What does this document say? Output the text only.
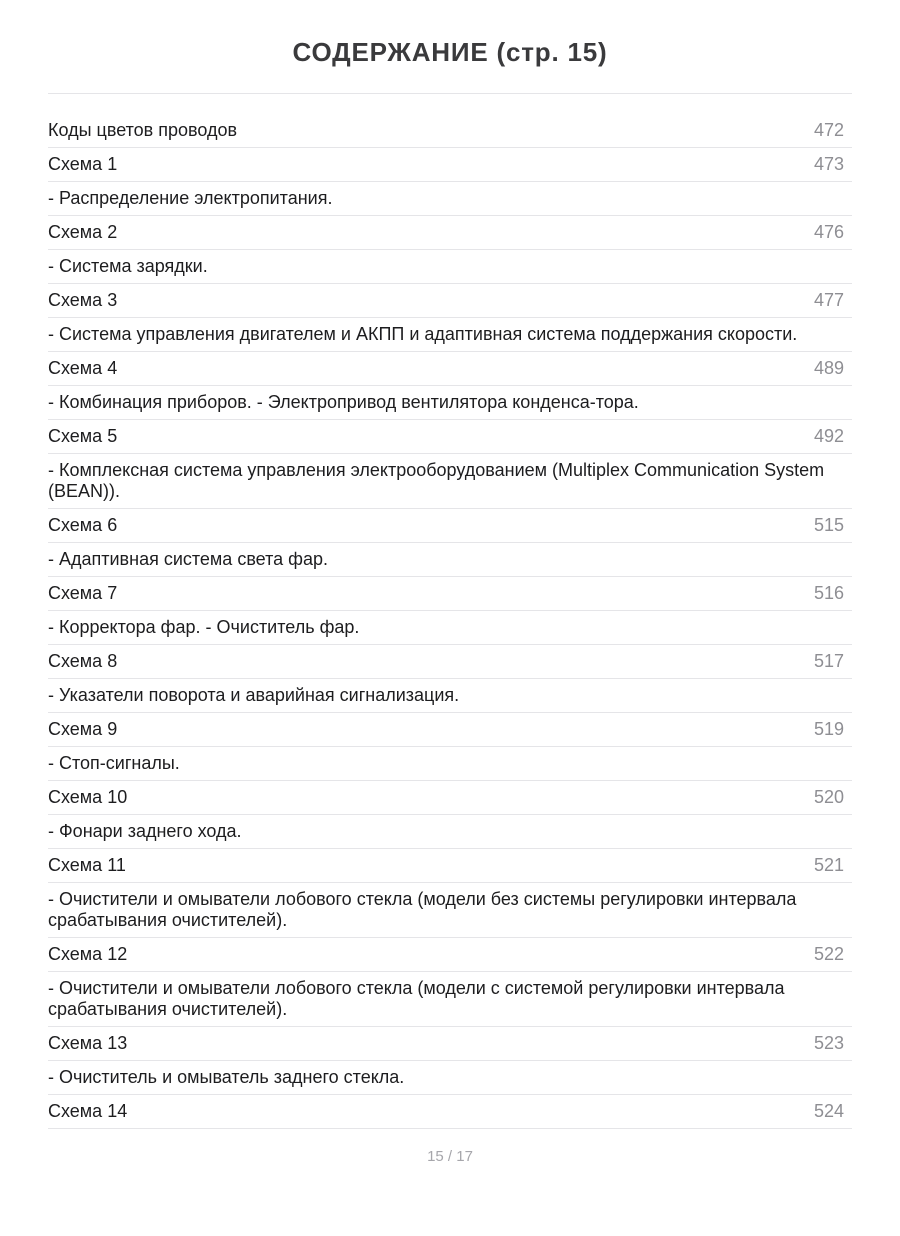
СОДЕРЖАНИЕ (стр. 15)
Коды цветов проводов	472
Схема 1	473
- Распределение электропитания.
Схема 2	476
- Система зарядки.
Схема 3	477
- Система управления двигателем и АКПП и адаптивная система поддержания скорости.
Схема 4	489
- Комбинация приборов. - Электропривод вентилятора конденса-тора.
Схема 5	492
- Комплексная система управления электрооборудованием (Multiplex Communication System (BEAN)).
Схема 6	515
- Адаптивная система света фар.
Схема 7	516
- Корректора фар. - Очиститель фар.
Схема 8	517
- Указатели поворота и аварийная сигнализация.
Схема 9	519
- Стоп-сигналы.
Схема 10	520
- Фонари заднего хода.
Схема 11	521
- Очистители и омыватели лобового стекла (модели без системы регулировки интервала срабатывания очистителей).
Схема 12	522
- Очистители и омыватели лобового стекла (модели с системой регулировки интервала срабатывания очистителей).
Схема 13	523
- Очиститель и омыватель заднего стекла.
Схема 14	524
15 / 17
